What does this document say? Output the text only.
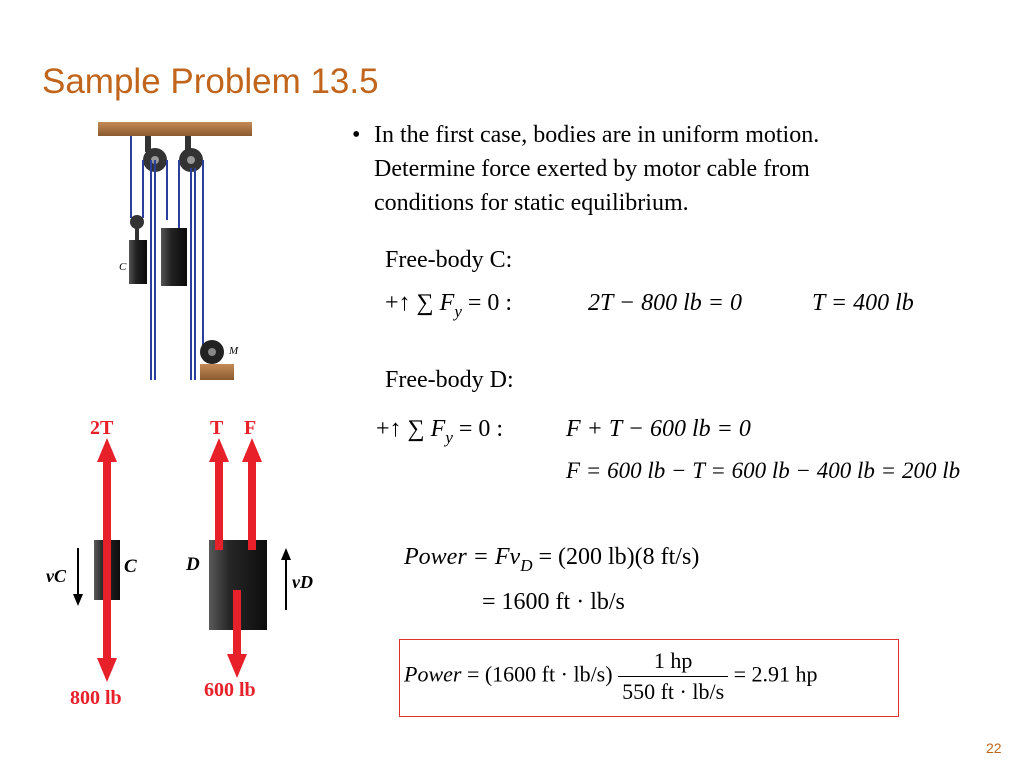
Sample Problem 13.5
C
M
2T	T F
800 lb	600 lb
C	D
vC	vD
• In the first case, bodies are in uniform motion.
Determine force exerted by motor cable from
conditions for static equilibrium.
Free-body C:
+↑ ∑ $F_y = 0$ :	2T − 800 lb = 0	T = 400 lb
Free-body D:
+↑ ∑ $F_y = 0$ :	F + T − 600 lb = 0
F = 600 lb − T = 600 lb − 400 lb = 200 lb
Power = $Fv_D = (200$ lb)(8 ft/s)
= 1600 ft · lb/s
Power = (1600 ft · $lb/s) \frac{1 hp}{550 ft \cdot lb/s} = 2.91$ hp
22
